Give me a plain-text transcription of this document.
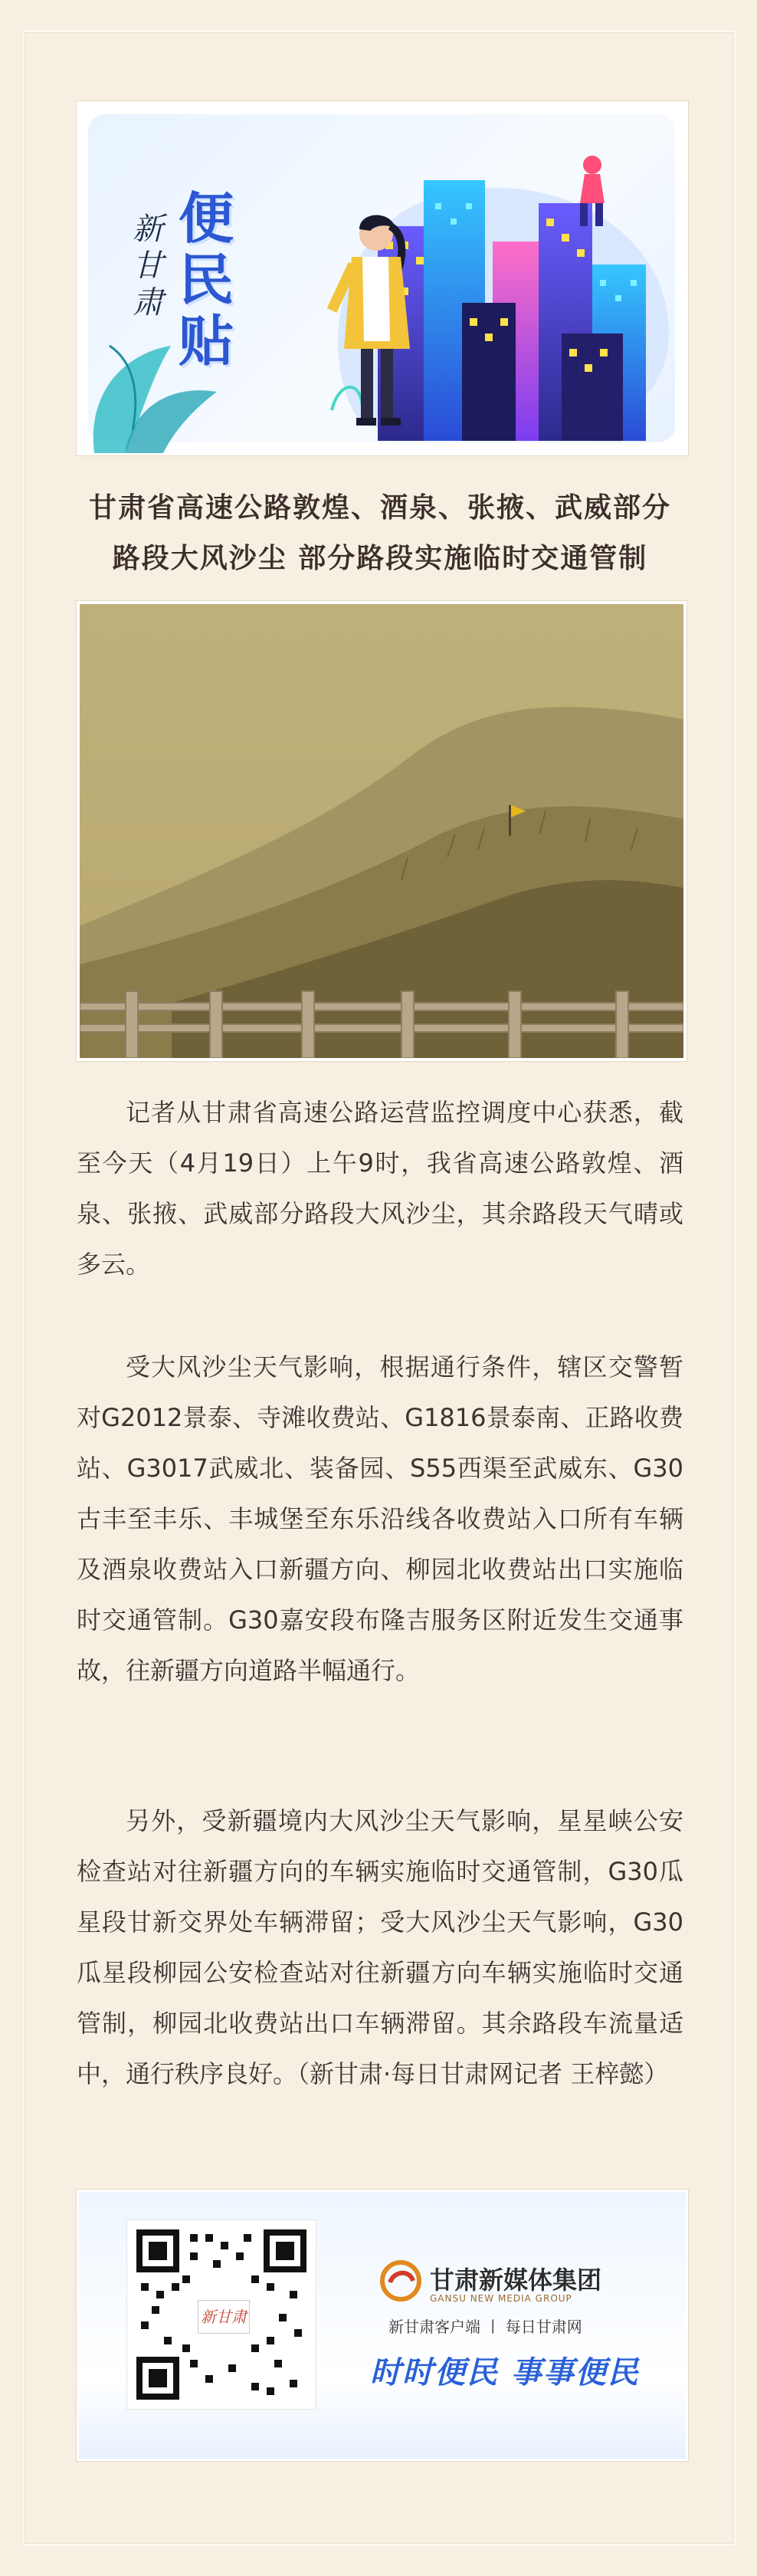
新甘肃
便
民
贴
甘肃省高速公路敦煌、酒泉、张掖、武威部分路段大风沙尘 部分路段实施临时交通管制
记者从甘肃省高速公路运营监控调度中心获悉，截至今天（4月19日）上午9时，我省高速公路敦煌、酒泉、张掖、武威部分路段大风沙尘，其余路段天气晴或多云。
受大风沙尘天气影响，根据通行条件，辖区交警暂对G2012景泰、寺滩收费站、G1816景泰南、正路收费站、G3017武威北、装备园、S55西渠至武威东、G30古丰至丰乐、丰城堡至东乐沿线各收费站入口所有车辆及酒泉收费站入口新疆方向、柳园北收费站出口实施临时交通管制。G30嘉安段布隆吉服务区附近发生交通事故，往新疆方向道路半幅通行。
另外，受新疆境内大风沙尘天气影响，星星峡公安检查站对往新疆方向的车辆实施临时交通管制，G30瓜星段甘新交界处车辆滞留；受大风沙尘天气影响，G30瓜星段柳园公安检查站对往新疆方向车辆实施临时交通管制，柳园北收费站出口车辆滞留。其余路段车流量适中，通行秩序良好。（新甘肃·每日甘肃网记者 王梓懿）
新甘肃
甘肃新媒体集团
GANSU NEW MEDIA GROUP
新甘肃客户端 丨 每日甘肃网
时时便民 事事便民
